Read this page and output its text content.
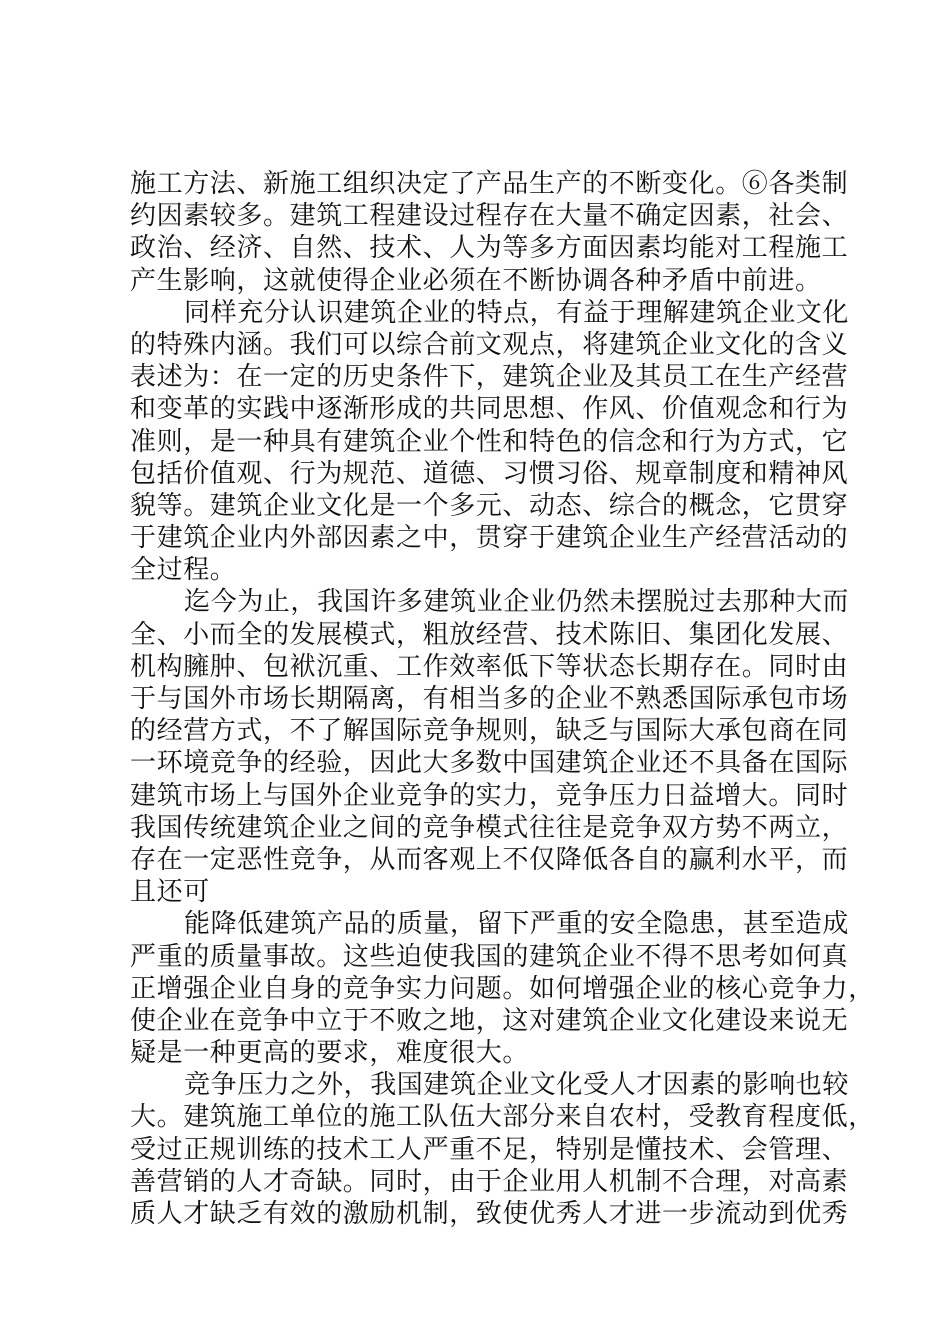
施工方法、新施工组织决定了产品生产的不断变化。⑥各类制
约因素较多。建筑工程建设过程存在大量不确定因素，社会、
政治、经济、自然、技术、人为等多方面因素均能对工程施工
产生影响，这就使得企业必须在不断协调各种矛盾中前进。
同样充分认识建筑企业的特点，有益于理解建筑企业文化
的特殊内涵。我们可以综合前文观点，将建筑企业文化的含义
表述为：在一定的历史条件下，建筑企业及其员工在生产经营
和变革的实践中逐渐形成的共同思想、作风、价值观念和行为
准则，是一种具有建筑企业个性和特色的信念和行为方式，它
包括价值观、行为规范、道德、习惯习俗、规章制度和精神风
貌等。建筑企业文化是一个多元、动态、综合的概念，它贯穿
于建筑企业内外部因素之中，贯穿于建筑企业生产经营活动的
全过程。
迄今为止，我国许多建筑业企业仍然未摆脱过去那种大而
全、小而全的发展模式，粗放经营、技术陈旧、集团化发展、
机构臃肿、包袱沉重、工作效率低下等状态长期存在。同时由
于与国外市场长期隔离，有相当多的企业不熟悉国际承包市场
的经营方式，不了解国际竞争规则，缺乏与国际大承包商在同
一环境竞争的经验，因此大多数中国建筑企业还不具备在国际
建筑市场上与国外企业竞争的实力，竞争压力日益增大。同时
我国传统建筑企业之间的竞争模式往往是竞争双方势不两立，
存在一定恶性竞争，从而客观上不仅降低各自的赢利水平，而
且还可
能降低建筑产品的质量，留下严重的安全隐患，甚至造成
严重的质量事故。这些迫使我国的建筑企业不得不思考如何真
正增强企业自身的竞争实力问题。如何增强企业的核心竞争力，
使企业在竞争中立于不败之地，这对建筑企业文化建设来说无
疑是一种更高的要求，难度很大。
竞争压力之外，我国建筑企业文化受人才因素的影响也较
大。建筑施工单位的施工队伍大部分来自农村，受教育程度低，
受过正规训练的技术工人严重不足，特别是懂技术、会管理、
善营销的人才奇缺。同时，由于企业用人机制不合理，对高素
质人才缺乏有效的激励机制，致使优秀人才进一步流动到优秀
